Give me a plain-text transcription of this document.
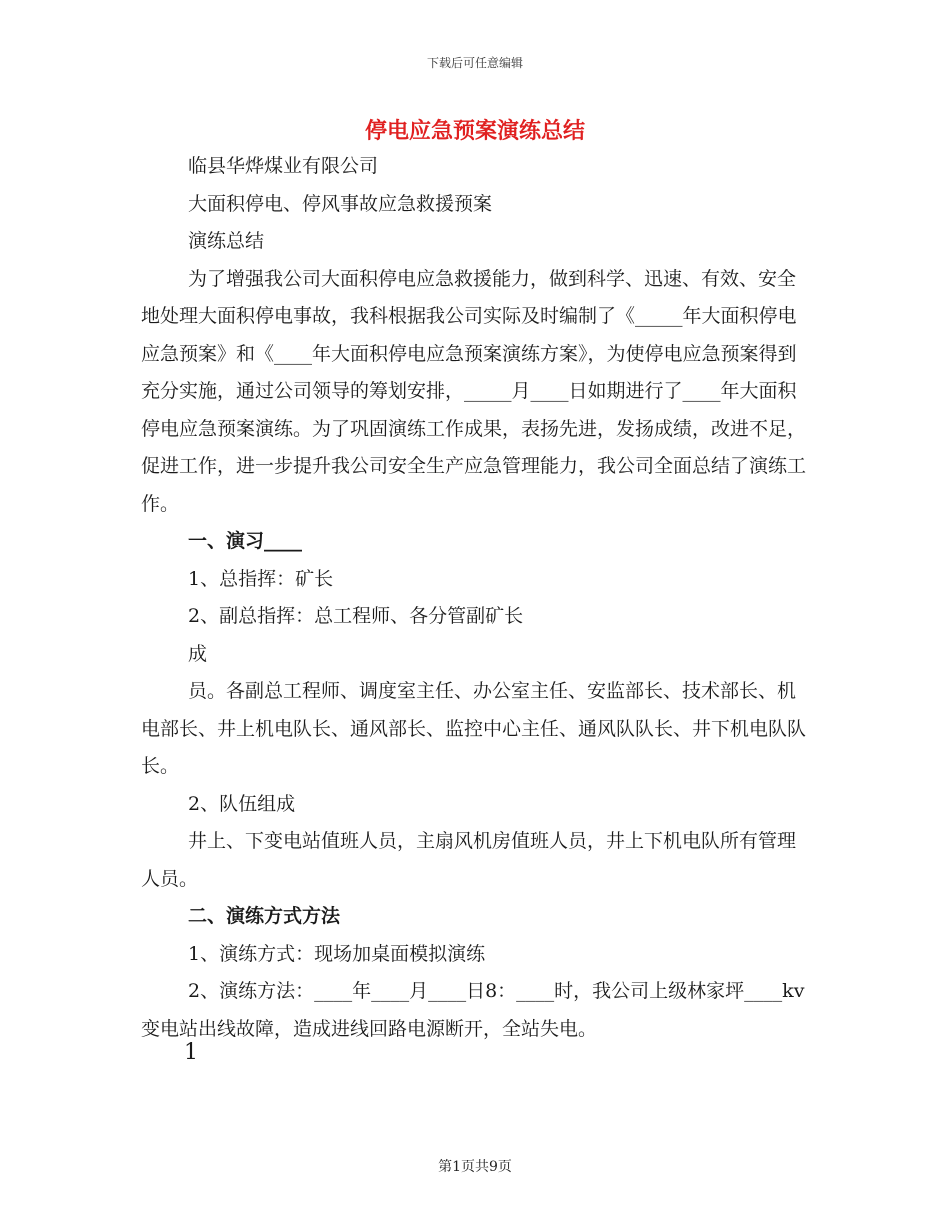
下载后可任意编辑
停电应急预案演练总结

临县华烨煤业有限公司

大面积停电、停风事故应急救援预案

演练总结

为了增强我公司大面积停电应急救援能力，做到科学、迅速、有效、安全地处理大面积停电事故，我科根据我公司实际及时编制了《_____年大面积停电应急预案》和《____年大面积停电应急预案演练方案》，为使停电应急预案得到充分实施，通过公司领导的筹划安排，_____月____日如期进行了____年大面积停电应急预案演练。为了巩固演练工作成果，表扬先进，发扬成绩，改进不足，促进工作，进一步提升我公司安全生产应急管理能力，我公司全面总结了演练工作。

一、演习____

1、总指挥：矿长

2、副总指挥：总工程师、各分管副矿长

成

员。各副总工程师、调度室主任、办公室主任、安监部长、技术部长、机电部长、井上机电队长、通风部长、监控中心主任、通风队队长、井下机电队队长。

2、队伍组成

井上、下变电站值班人员，主扇风机房值班人员，井上下机电队所有管理人员。

二、演练方式方法

1、演练方式：现场加桌面模拟演练

2、演练方法：____年____月____日8：____时，我公司上级林家坪____kv变电站出线故障，造成进线回路电源断开，全站失电。

1
第1页共9页
